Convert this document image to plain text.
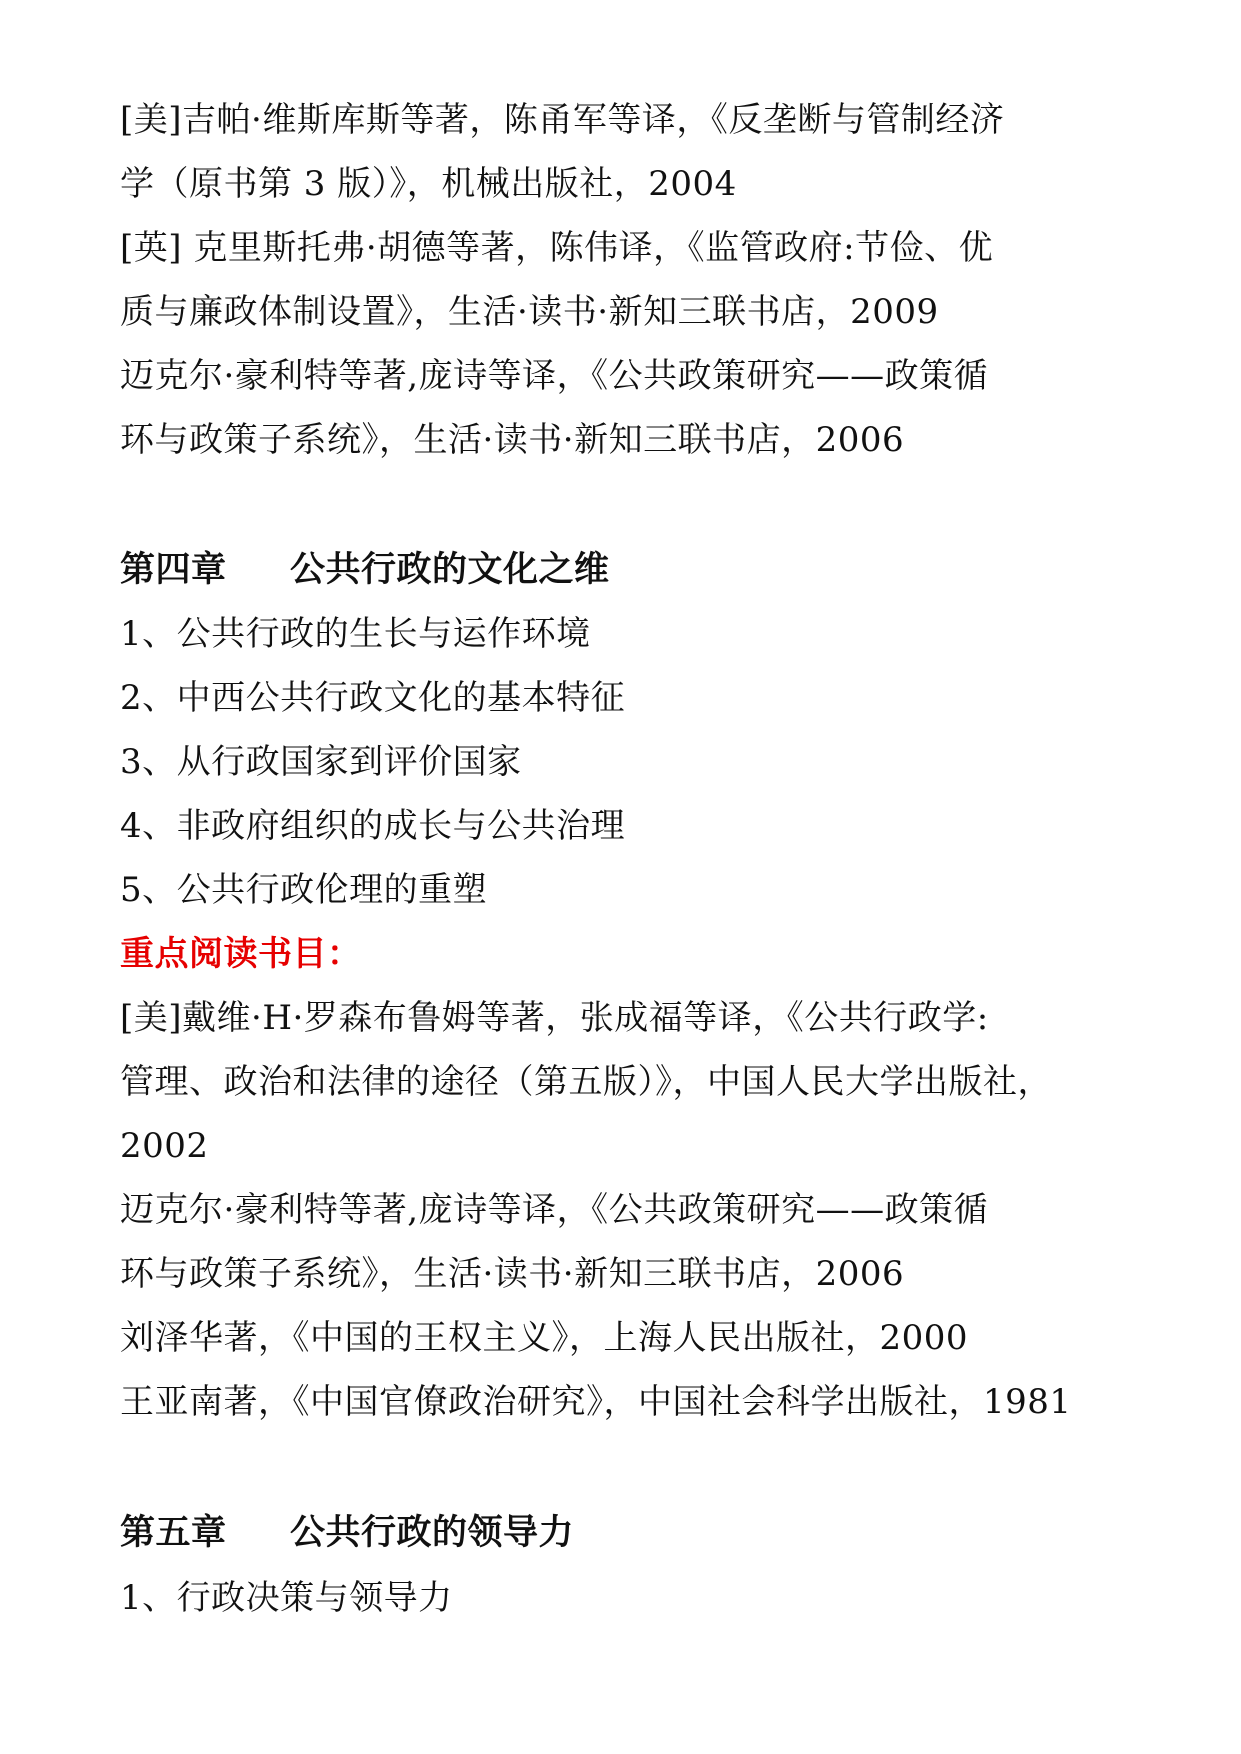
[美]吉帕·维斯库斯等著，陈甬军等译，《反垄断与管制经济
学（原书第 3 版）》，机械出版社，2004
[英] 克里斯托弗·胡德等著，陈伟译，《监管政府:节俭、优
质与廉政体制设置》，生活·读书·新知三联书店，2009
迈克尔·豪利特等著,庞诗等译，《公共政策研究——政策循
环与政策子系统》，生活·读书·新知三联书店，2006
第四章 公共行政的文化之维
1、公共行政的生长与运作环境
2、中西公共行政文化的基本特征
3、从行政国家到评价国家
4、非政府组织的成长与公共治理
5、公共行政伦理的重塑
重点阅读书目：
[美]戴维·H·罗森布鲁姆等著，张成福等译，《公共行政学:
管理、政治和法律的途径（第五版）》，中国人民大学出版社，
2002
迈克尔·豪利特等著,庞诗等译，《公共政策研究——政策循
环与政策子系统》，生活·读书·新知三联书店，2006
刘泽华著，《中国的王权主义》，上海人民出版社，2000
王亚南著，《中国官僚政治研究》，中国社会科学出版社，1981
第五章 公共行政的领导力
1、行政决策与领导力
